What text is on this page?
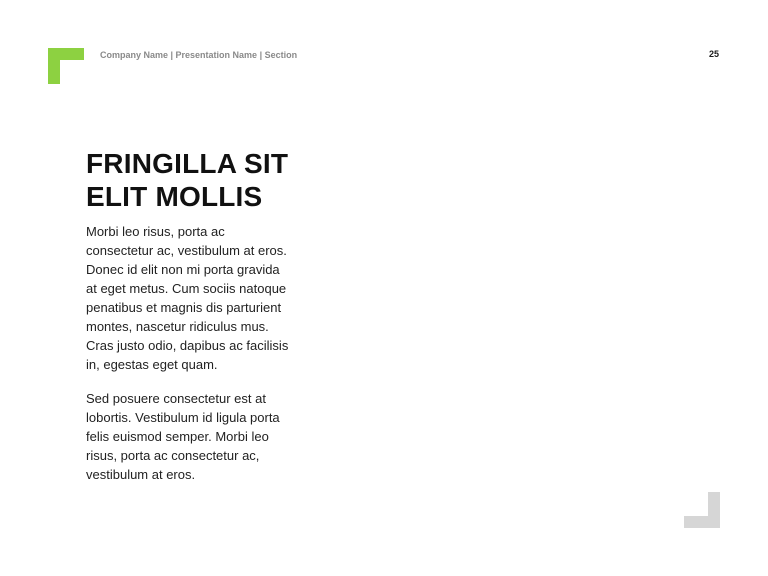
Company Name | Presentation Name | Section	25
FRINGILLA SIT
ELIT MOLLIS

Morbi leo risus, porta ac
consectetur ac, vestibulum at eros.
Donec id elit non mi porta gravida
at eget metus. Cum sociis natoque
penatibus et magnis dis parturient
montes, nascetur ridiculus mus.
Cras justo odio, dapibus ac facilisis
in, egestas eget quam.

Sed posuere consectetur est at
lobortis. Vestibulum id ligula porta
felis euismod semper. Morbi leo
risus, porta ac consectetur ac,
vestibulum at eros.
